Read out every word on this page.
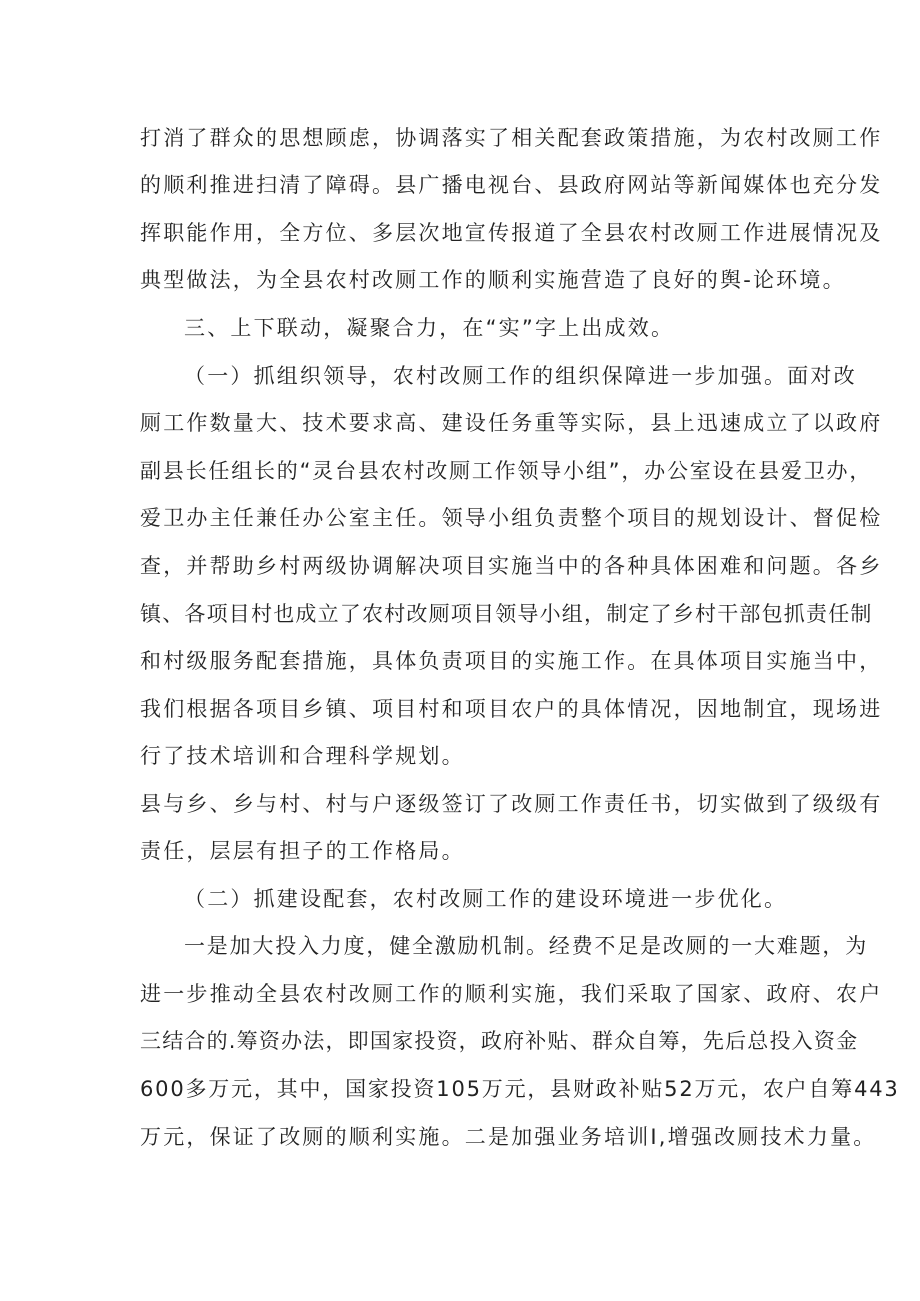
打消了群众的思想顾虑，协调落实了相关配套政策措施，为农村改厕工作
的顺利推进扫清了障碍。县广播电视台、县政府网站等新闻媒体也充分发
挥职能作用，全方位、多层次地宣传报道了全县农村改厕工作进展情况及
典型做法，为全县农村改厕工作的顺利实施营造了良好的舆-论环境。
三、上下联动，凝聚合力，在“实”字上出成效。
（一）抓组织领导，农村改厕工作的组织保障进一步加强。面对改
厕工作数量大、技术要求高、建设任务重等实际，县上迅速成立了以政府
副县长任组长的“灵台县农村改厕工作领导小组”，办公室设在县爱卫办，
爱卫办主任兼任办公室主任。领导小组负责整个项目的规划设计、督促检
查，并帮助乡村两级协调解决项目实施当中的各种具体困难和问题。各乡
镇、各项目村也成立了农村改厕项目领导小组，制定了乡村干部包抓责任制
和村级服务配套措施，具体负责项目的实施工作。在具体项目实施当中，
我们根据各项目乡镇、项目村和项目农户的具体情况，因地制宜，现场进
行了技术培训和合理科学规划。
县与乡、乡与村、村与户逐级签订了改厕工作责任书，切实做到了级级有
责任，层层有担子的工作格局。
（二）抓建设配套，农村改厕工作的建设环境进一步优化。
一是加大投入力度，健全激励机制。经费不足是改厕的一大难题，为
进一步推动全县农村改厕工作的顺利实施，我们采取了国家、政府、农户
三结合的.筹资办法，即国家投资，政府补贴、群众自筹，先后总投入资金
600多万元，其中，国家投资105万元，县财政补贴52万元，农户自筹443
万元，保证了改厕的顺利实施。二是加强业务培训I,增强改厕技术力量。
